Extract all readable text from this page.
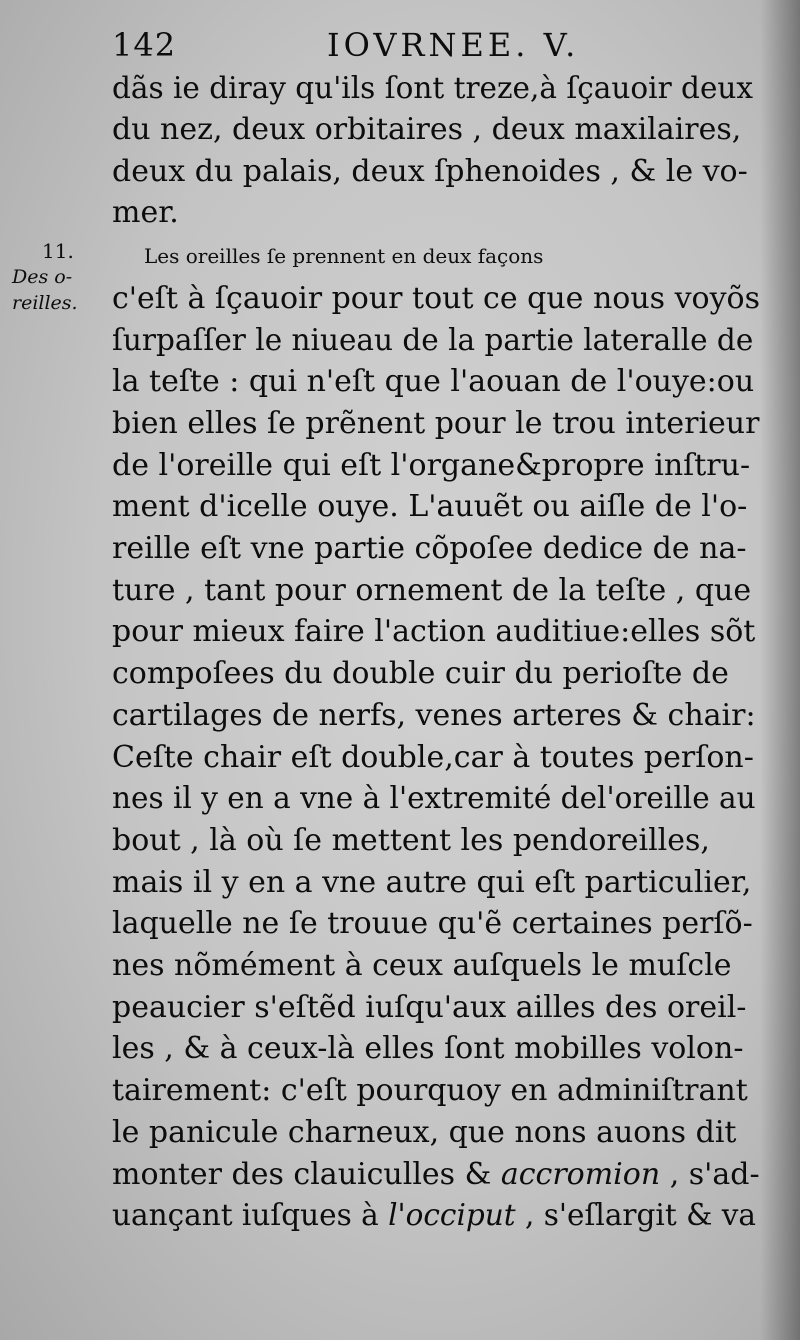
142	IOVRNEE. V.
11.
Des o-
reilles.
dãs ie diray qu'ils ſont treze,à ſçauoir deux
du nez, deux orbitaires , deux maxilaires,
deux du palais, deux ſphenoides , & le vo-
mer.
Les oreilles ſe prennent en deux façons
c'eſt à ſçauoir pour tout ce que nous voyõs
ſurpaſſer le niueau de la partie laterallе de
la teſte : qui n'eſt que l'aouan de l'ouye:ou
bien elles ſe prẽnent pour le trou interieur
de l'oreille qui eſt l'organe&propre inſtru-
ment d'icelle ouye. L'auuẽt ou aiſle de l'o-
reille eſt vne partie cõpoſee dedice de na-
ture , tant pour ornement de la teſte , que
pour mieux faire l'action auditiue:elles sõt
compoſees du double cuir du perioſte de
cartilages de nerfs, venes arteres & chair:
Ceſte chair eſt double,car à toutes perſon-
nes il y en a vne à l'extremité del'oreille au
bout , là où ſe mettent les pendoreilles,
mais il y en a vne autre qui eſt particulier,
laquelle ne ſe trouue qu'ẽ certaines perſõ-
nes nõmément à ceux auſquels le muſcle
peaucier s'eſtẽd iuſqu'aux ailles des oreil-
les , & à ceux-là elles ſont mobilles volon-
tairement: c'eſt pourquoy en adminiſtrant
le panicule charneux, que nons auons dit
monter des clauiculles & accromion , s'ad-
uançant iuſques à l'occiput , s'eſlargit & va
